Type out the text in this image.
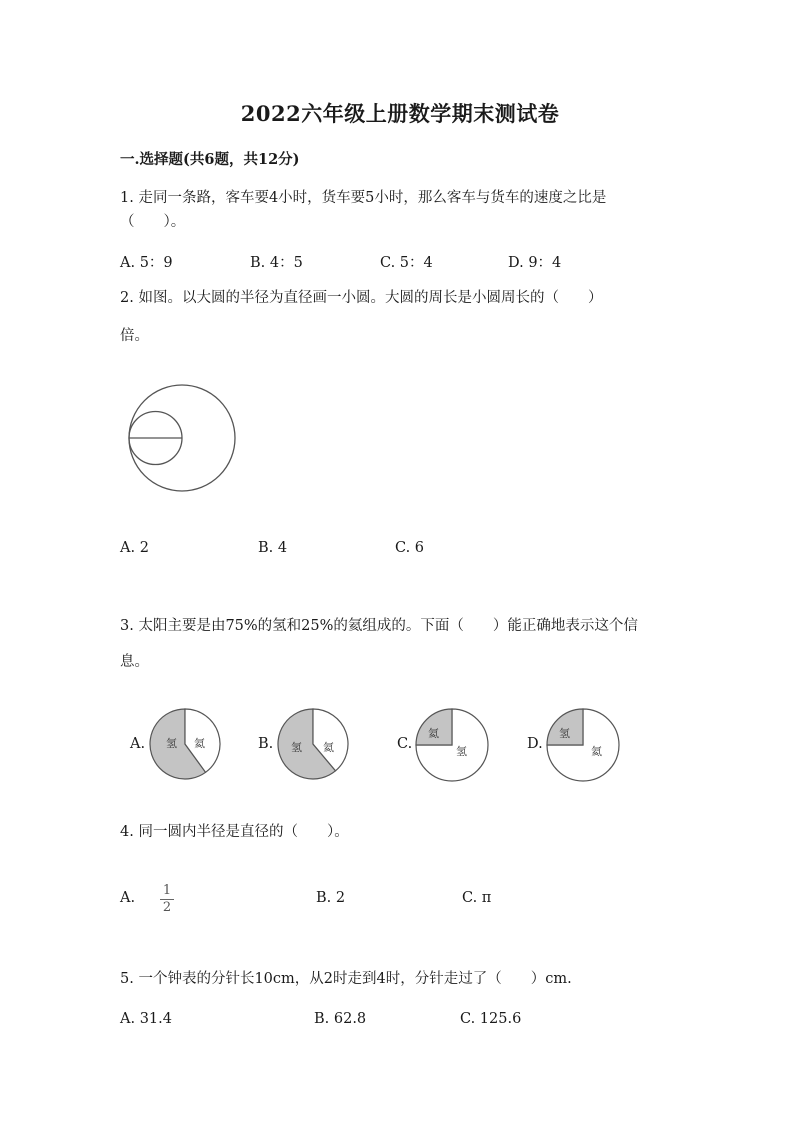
2022六年级上册数学期末测试卷
一.选择题(共6题，共12分)
1. 走同一条路，客车要4小时，货车要5小时，那么客车与货车的速度之比是
（　　）。
A. 5：9	B. 4：5	C. 5：4	D. 9：4
2. 如图。以大圆的半径为直径画一小圆。大圆的周长是小圆周长的（　　）
倍。
A. 2	B. 4	C. 6
3. 太阳主要是由75%的氢和25%的氦组成的。下面（　　）能正确地表示这个信
息。
A.	B.	C.	D.
氢 氦	氢 氦
氦
氢
氢
氦
4. 同一圆内半径是直径的（　　）。
A. $\frac{1}{2}$	B. 2	C. π
5. 一个钟表的分针长10cm，从2时走到4时，分针走过了（　　）cm.
A. 31.4	B. 62.8	C. 125.6
